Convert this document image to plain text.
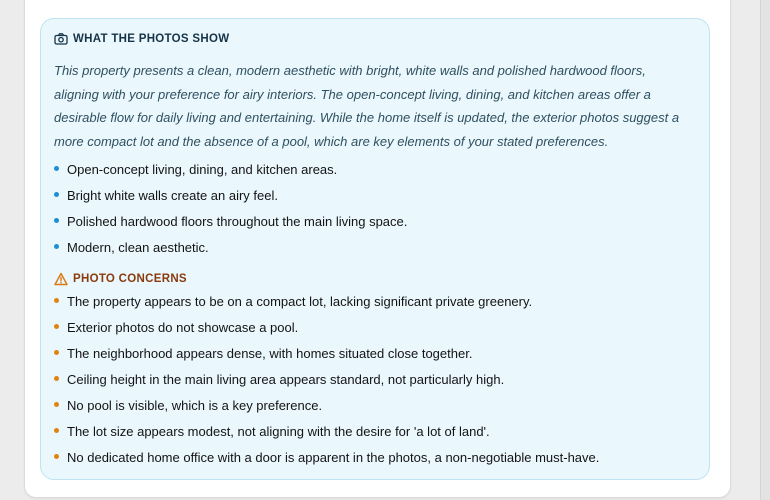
WHAT THE PHOTOS SHOW
This property presents a clean, modern aesthetic with bright, white walls and polished hardwood floors, aligning with your preference for airy interiors. The open-concept living, dining, and kitchen areas offer a desirable flow for daily living and entertaining. While the home itself is updated, the exterior photos suggest a more compact lot and the absence of a pool, which are key elements of your stated preferences.
Open-concept living, dining, and kitchen areas.
Bright white walls create an airy feel.
Polished hardwood floors throughout the main living space.
Modern, clean aesthetic.
PHOTO CONCERNS
The property appears to be on a compact lot, lacking significant private greenery.
Exterior photos do not showcase a pool.
The neighborhood appears dense, with homes situated close together.
Ceiling height in the main living area appears standard, not particularly high.
No pool is visible, which is a key preference.
The lot size appears modest, not aligning with the desire for 'a lot of land'.
No dedicated home office with a door is apparent in the photos, a non-negotiable must-have.
